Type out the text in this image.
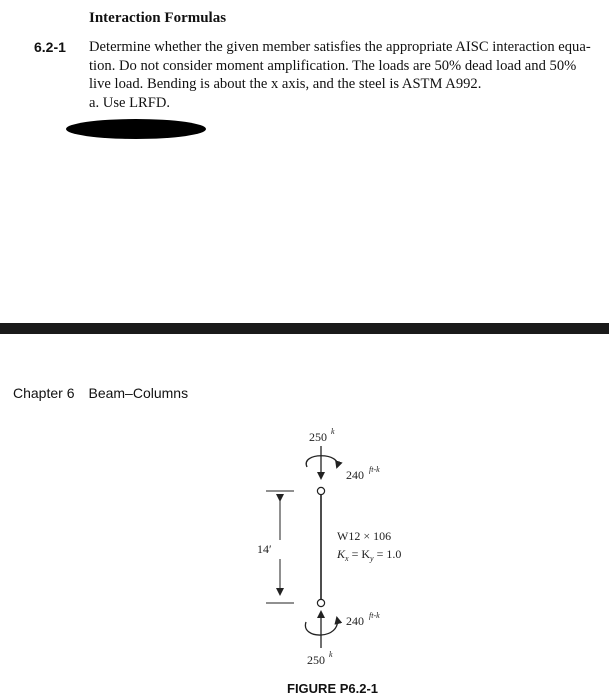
Interaction Formulas
6.2-1 Determine whether the given member satisfies the appropriate AISC interaction equa-
tion. Do not consider moment amplification. The loads are 50% dead load and 50%
live load. Bending is about the x axis, and the steel is ASTM A992.
a. Use LRFD.
Chapter 6 Beam–Columns
250 k
240 ft-k
14′
W12 × 106
$K_x = K_y = 1.0$
240 ft-k
250 k
FIGURE P6.2-1
